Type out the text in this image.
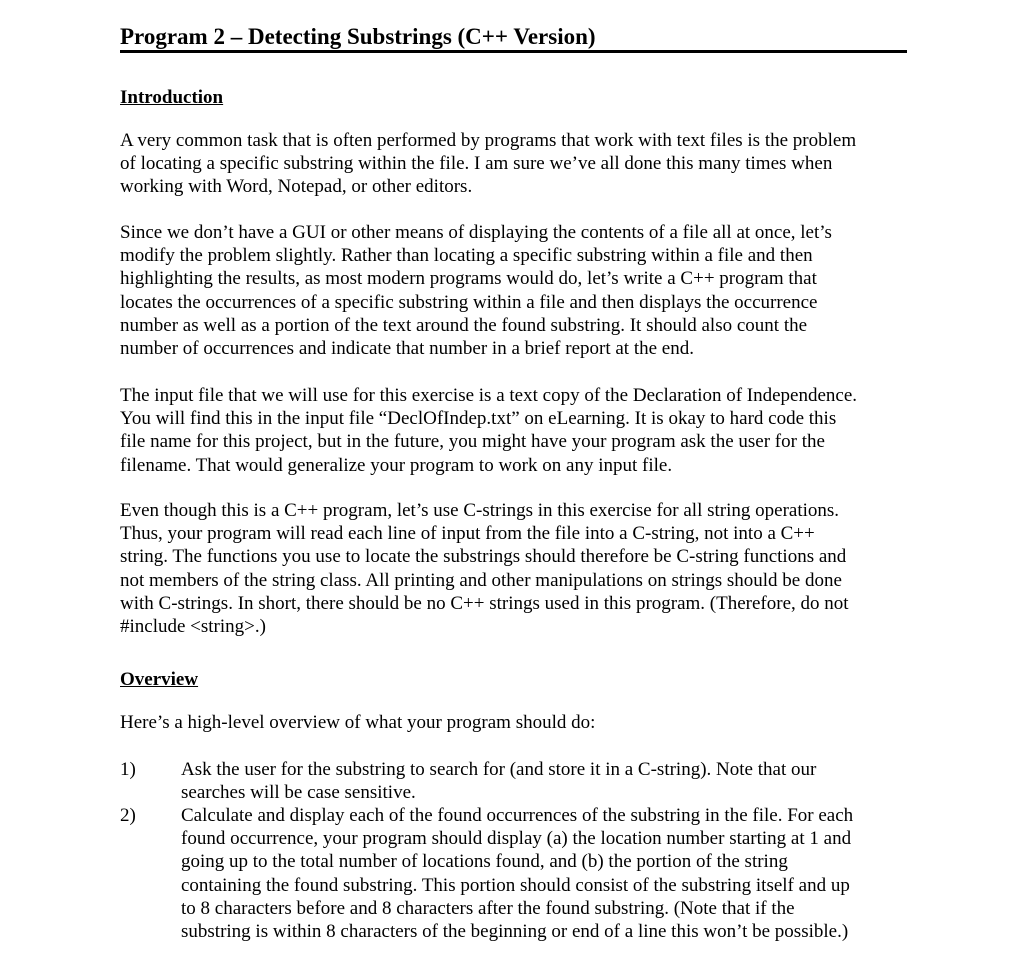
Program 2 – Detecting Substrings (C++ Version)
Introduction
A very common task that is often performed by programs that work with text files is the problem
of locating a specific substring within the file. I am sure we’ve all done this many times when
working with Word, Notepad, or other editors.
Since we don’t have a GUI or other means of displaying the contents of a file all at once, let’s
modify the problem slightly. Rather than locating a specific substring within a file and then
highlighting the results, as most modern programs would do, let’s write a C++ program that
locates the occurrences of a specific substring within a file and then displays the occurrence
number as well as a portion of the text around the found substring. It should also count the
number of occurrences and indicate that number in a brief report at the end.
The input file that we will use for this exercise is a text copy of the Declaration of Independence.
You will find this in the input file “DeclOfIndep.txt” on eLearning. It is okay to hard code this
file name for this project, but in the future, you might have your program ask the user for the
filename. That would generalize your program to work on any input file.
Even though this is a C++ program, let’s use C-strings in this exercise for all string operations.
Thus, your program will read each line of input from the file into a C-string, not into a C++
string. The functions you use to locate the substrings should therefore be C-string functions and
not members of the string class. All printing and other manipulations on strings should be done
with C-strings. In short, there should be no C++ strings used in this program. (Therefore, do not
#include <string>.)
Overview
Here’s a high-level overview of what your program should do:
1) Ask the user for the substring to search for (and store it in a C-string). Note that our
searches will be case sensitive.
2) Calculate and display each of the found occurrences of the substring in the file. For each
found occurrence, your program should display (a) the location number starting at 1 and
going up to the total number of locations found, and (b) the portion of the string
containing the found substring. This portion should consist of the substring itself and up
to 8 characters before and 8 characters after the found substring. (Note that if the
substring is within 8 characters of the beginning or end of a line this won’t be possible.)
